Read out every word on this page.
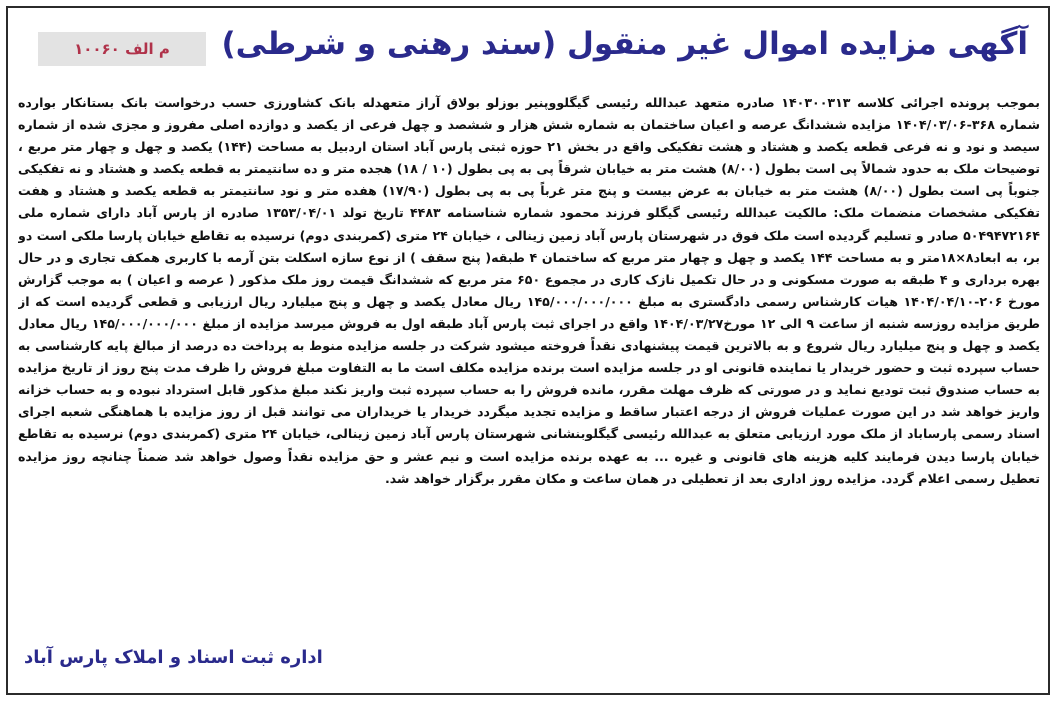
م الف ۱۰۰۶۰ آگهی مزایده اموال غیر منقول (سند رهنی و شرطی)
بموجب پرونده اجرائی کلاسه ۱۴۰۳۰۰۳۱۳ صادره متعهد عبدالله رئیسی گیگلووپنیر بوزلو بولاق آراز متعهدله بانک کشاورزی حسب درخواست بانک بستانکار بوارده شماره ۳۶۸-۱۴۰۴/۰۳/۰۶ مزایده ششدانگ عرصه و اعیان ساختمان به شماره شش هزار و ششصد و چهل فرعی از یکصد و دوازده اصلی مفروز و مجزی شده از شماره سیصد و نود و نه فرعی قطعه یکصد و هشتاد و هشت تفکیکی واقع در بخش ۲۱ حوزه ثبتی پارس آباد استان اردبیل به مساحت (۱۴۴) یکصد و چهل و چهار متر مربع ، توضیحات ملک به حدود شمالاً پی است بطول (۸/۰۰) هشت متر به خیابان شرقاً پی به پی بطول (۱۰ / ۱۸) هجده متر و ده سانتیمتر به قطعه یکصد و هشتاد و نه تفکیکی جنوباً پی است بطول (۸/۰۰) هشت متر به خیابان به عرض بیست و پنج متر غرباً پی به پی بطول (۱۷/۹۰) هفده متر و نود سانتیمتر به قطعه یکصد و هشتاد و هفت تفکیکی مشخصات منضمات ملک: مالکیت عبدالله رئیسی گیگلو فرزند محمود شماره شناسنامه ۴۴۸۳ تاریخ تولد ۱۳۵۳/۰۴/۰۱ صادره از پارس آباد دارای شماره ملی ۵۰۴۹۴۷۲۱۶۴ صادر و تسلیم گردیده است ملک فوق در شهرستان پارس آباد زمین زینالی ، خیابان ۲۴ متری (کمربندی دوم) نرسیده به تقاطع خیابان پارسا ملکی است دو بر، به ابعاد۸×۱۸متر و به مساحت ۱۴۴ یکصد و چهل و چهار متر مربع که ساختمان ۴ طبقه( پنج سقف ) از نوع سازه اسکلت بتن آرمه با کاربری همکف تجاری و در حال بهره برداری و ۴ طبقه به صورت مسکونی و در حال تکمیل نازک کاری در مجموع ۶۵۰ متر مربع که ششدانگ قیمت روز ملک مذکور ( عرصه و اعیان ) به موجب گزارش مورخ ۲۰۶-۱۴۰۴/۰۴/۱۰ هیات کارشناس رسمی دادگستری به مبلغ ۱۴۵/۰۰۰/۰۰۰/۰۰۰ ریال معادل یکصد و چهل و پنج میلیارد ریال ارزیابی و قطعی گردیده است که از طریق مزایده روزسه شنبه از ساعت ۹ الی ۱۲ مورخ۱۴۰۴/۰۳/۲۷ واقع در اجرای ثبت پارس آباد طبقه اول به فروش میرسد مزایده از مبلغ ۱۴۵/۰۰۰/۰۰۰/۰۰۰ ریال معادل یکصد و چهل و پنج میلیارد ریال شروع و به بالاترین قیمت پیشنهادی نقداً فروخته میشود شرکت در جلسه مزایده منوط به پرداخت ده درصد از مبالغ پایه کارشناسی به حساب سپرده ثبت و حضور خریدار یا نماینده قانونی او در جلسه مزایده است برنده مزایده مکلف است ما به التفاوت مبلغ فروش را ظرف مدت پنج روز از تاریخ مزایده به حساب صندوق ثبت توديع نماید و در صورتی که ظرف مهلت مقرر، مانده فروش را به حساب سپرده ثبت واریز نکند مبلغ مذکور قابل استرداد نبوده و به حساب خزانه واریز خواهد شد در این صورت عملیات فروش از درجه اعتبار ساقط و مزایده تجدید میگردد خریدار یا خریداران می توانند قبل از روز مزایده با هماهنگی شعبه اجرای اسناد رسمی پارساباد از ملک مورد ارزیابی متعلق به عبدالله رئیسی گیگلوبنشانی شهرستان پارس آباد زمین زینالی، خیابان ۲۴ متری (کمربندی دوم) نرسیده به تقاطع خیابان پارسا دیدن فرمایند کلیه هزینه های قانونی و غیره ... به عهده برنده مزایده است و نیم عشر و حق مزایده نقداً وصول خواهد شد ضمناً چنانچه روز مزایده تعطیل رسمی اعلام گردد. مزایده روز اداری بعد از تعطیلی در همان ساعت و مکان مقرر برگزار خواهد شد.
اداره ثبت اسناد و املاک پارس آباد
